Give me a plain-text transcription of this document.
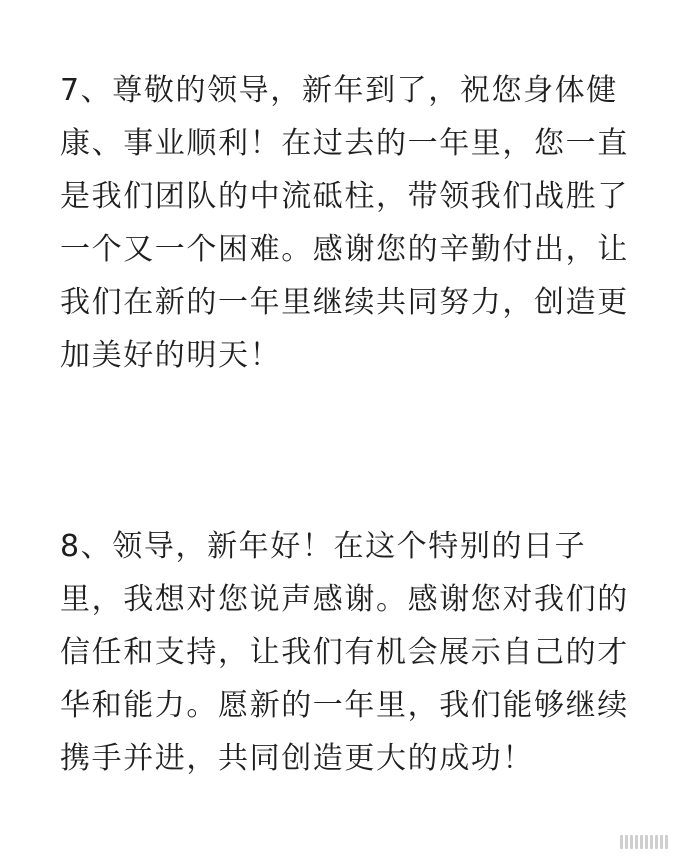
7、尊敬的领导，新年到了，祝您身体健
康、事业顺利！在过去的一年里，您一直
是我们团队的中流砥柱，带领我们战胜了
一个又一个困难。感谢您的辛勤付出，让
我们在新的一年里继续共同努力，创造更
加美好的明天！

8、领导，新年好！在这个特别的日子
里，我想对您说声感谢。感谢您对我们的
信任和支持，让我们有机会展示自己的才
华和能力。愿新的一年里，我们能够继续
携手并进，共同创造更大的成功！
